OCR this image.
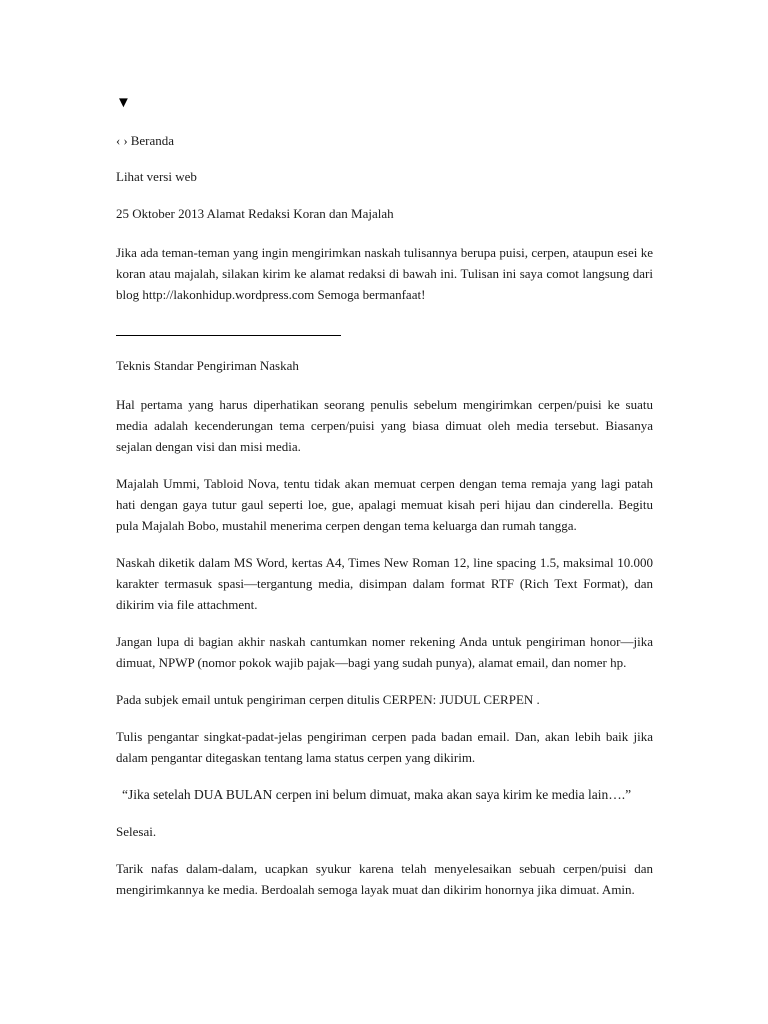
▼
‹ › Beranda
Lihat versi web
25 Oktober 2013 Alamat Redaksi Koran dan Majalah

Jika ada teman-teman yang ingin mengirimkan naskah tulisannya berupa puisi, cerpen, ataupun esei ke koran atau majalah, silakan kirim ke alamat redaksi di bawah ini. Tulisan ini saya comot langsung dari blog http://lakonhidup.wordpress.com Semoga bermanfaat!

Teknis Standar Pengiriman Naskah

Hal pertama yang harus diperhatikan seorang penulis sebelum mengirimkan cerpen/puisi ke suatu media adalah kecenderungan tema cerpen/puisi yang biasa dimuat oleh media tersebut. Biasanya sejalan dengan visi dan misi media.

Majalah Ummi, Tabloid Nova, tentu tidak akan memuat cerpen dengan tema remaja yang lagi patah hati dengan gaya tutur gaul seperti loe, gue, apalagi memuat kisah peri hijau dan cinderella. Begitu pula Majalah Bobo, mustahil menerima cerpen dengan tema keluarga dan rumah tangga.

Naskah diketik dalam MS Word, kertas A4, Times New Roman 12, line spacing 1.5, maksimal 10.000 karakter termasuk spasi—tergantung media, disimpan dalam format RTF (Rich Text Format), dan dikirim via file attachment.

Jangan lupa di bagian akhir naskah cantumkan nomer rekening Anda untuk pengiriman honor—jika dimuat, NPWP (nomor pokok wajib pajak—bagi yang sudah punya), alamat email, dan nomer hp.

Pada subjek email untuk pengiriman cerpen ditulis CERPEN: JUDUL CERPEN .

Tulis pengantar singkat-padat-jelas pengiriman cerpen pada badan email. Dan, akan lebih baik jika dalam pengantar ditegaskan tentang lama status cerpen yang dikirim.

“Jika setelah DUA BULAN cerpen ini belum dimuat, maka akan saya kirim ke media lain….”

Selesai.

Tarik nafas dalam-dalam, ucapkan syukur karena telah menyelesaikan sebuah cerpen/puisi dan mengirimkannya ke media. Berdoalah semoga layak muat dan dikirim honornya jika dimuat. Amin.
